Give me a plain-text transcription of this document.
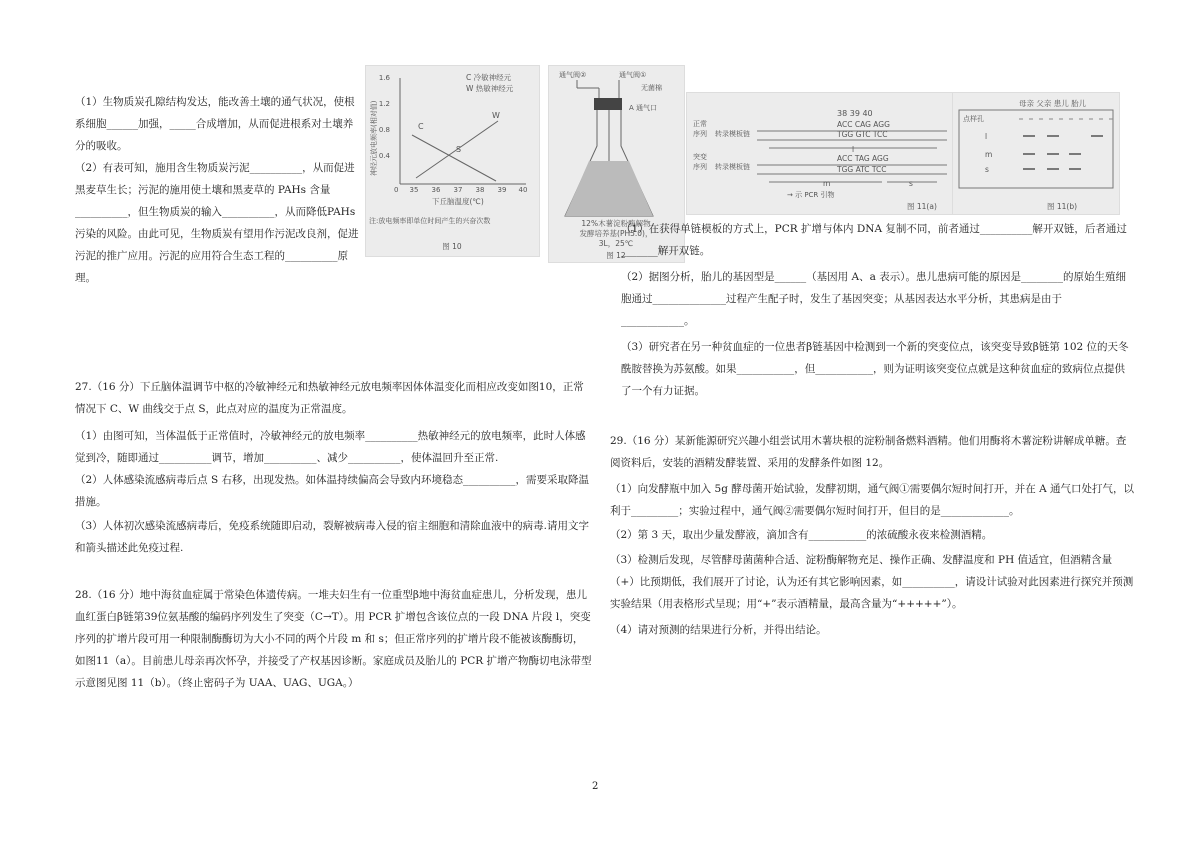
（1）生物质炭孔隙结构发达，能改善土壤的通气状况，使根系细胞______加强，_____合成增加，从而促进根系对土壤养分的吸收。

（2）有表可知，施用含生物质炭污泥__________，从而促进黑麦草生长；污泥的施用使土壤和黑麦草的 PAHs 含量__________，但生物质炭的输入__________，从而降低PAHs污染的风险。由此可见，生物质炭有望用作污泥改良剂，促进污泥的推广应用。污泥的应用符合生态工程的__________原理。

27.（16 分）下丘脑体温调节中枢的冷敏神经元和热敏神经元放电频率因体体温变化而相应改变如图10，正常情况下 C、W 曲线交于点 S，此点对应的温度为正常温度。

（1）由图可知，当体温低于正常值时，冷敏神经元的放电频率__________热敏神经元的放电频率，此时人体感觉到冷，随即通过__________调节，增加__________、减少__________，使体温回升至正常.

（2）人体感染流感病毒后点 S 右移，出现发热。如体温持续偏高会导致内环境稳态__________，需要采取降温措施。

（3）人体初次感染流感病毒后，免疫系统随即启动，裂解被病毒入侵的宿主细胞和清除血液中的病毒.请用文字和箭头描述此免疫过程.

28.（16 分）地中海贫血症属于常染色体遗传病。一堆夫妇生有一位重型β地中海贫血症患儿，分析发现，患儿血红蛋白β链第39位氨基酸的编码序列发生了突变（C→T）。用 PCR 扩增包含该位点的一段 DNA 片段 l，突变序列的扩增片段可用一种限制酶酶切为大小不同的两个片段 m 和 s；但正常序列的扩增片段不能被该酶酶切，如图11（a）。目前患儿母亲再次怀孕，并接受了产权基因诊断。家庭成员及胎儿的 PCR 扩增产物酶切电泳带型示意图见图 11（b）。（终止密码子为 UAA、UAG、UGA。）

1.6
1.2
0.8
0.4
0 35 36 37 38 39 40
神经元放电频率(相对值)
下丘脑温度(℃)
C 冷敏神经元
W 热敏神经元
C
W
S
注:放电频率即单位时间产生的兴奋次数
图 10
通气阀②	通气阀①
无菌棉
A 通气口
12%木薯淀粉酶解物
发酵培养基(PH5.0)，
3L，25℃
图 12
38 39 40
正常
序列 转录模板链
ACC CAG AGG
TGG GTC TCC
l
突变
序列 转录模板链
ACC TAG AGG
TGG ATC TCC
m	s
→ 示 PCR 引物
图 11(a)
母亲 父亲 患儿 胎儿
点样孔
l
m
s
图 11(b)

（1）在获得单链模板的方式上，PCR 扩增与体内 DNA 复制不同，前者通过__________解开双链，后者通过_______解开双链。

（2）据图分析，胎儿的基因型是______（基因用 A、a 表示）。患儿患病可能的原因是________的原始生殖细胞通过______________过程产生配子时，发生了基因突变；从基因表达水平分析，其患病是由于____________。

（3）研究者在另一种贫血症的一位患者β链基因中检测到一个新的突变位点，该突变导致β链第 102 位的天冬酰胺替换为苏氨酸。如果___________，但___________，则为证明该突变位点就是这种贫血症的致病位点提供了一个有力证据。

29.（16 分）某新能源研究兴趣小组尝试用木薯块根的淀粉制备燃料酒精。他们用酶将木薯淀粉讲解成单糖。查阅资料后，安装的酒精发酵装置、采用的发酵条件如图 12。

（1）向发酵瓶中加入 5g 酵母菌开始试验，发酵初期，通气阀①需要偶尔短时间打开，并在 A 通气口处打气，以利于_________；实验过程中，通气阀②需要偶尔短时间打开，但目的是_____________。

（2）第 3 天，取出少量发酵液，滴加含有___________的浓硫酸永夜来检测酒精。

（3）检测后发现，尽管酵母菌菌种合适、淀粉酶解物充足、操作正确、发酵温度和 PH 值适宜，但酒精含量（+）比预期低，我们展开了讨论，认为还有其它影响因素，如__________，请设计试验对此因素进行探究并预测实验结果（用表格形式呈现；用“+”表示酒精量，最高含量为“+++++”）。

（4）请对预测的结果进行分析，并得出结论。

2
